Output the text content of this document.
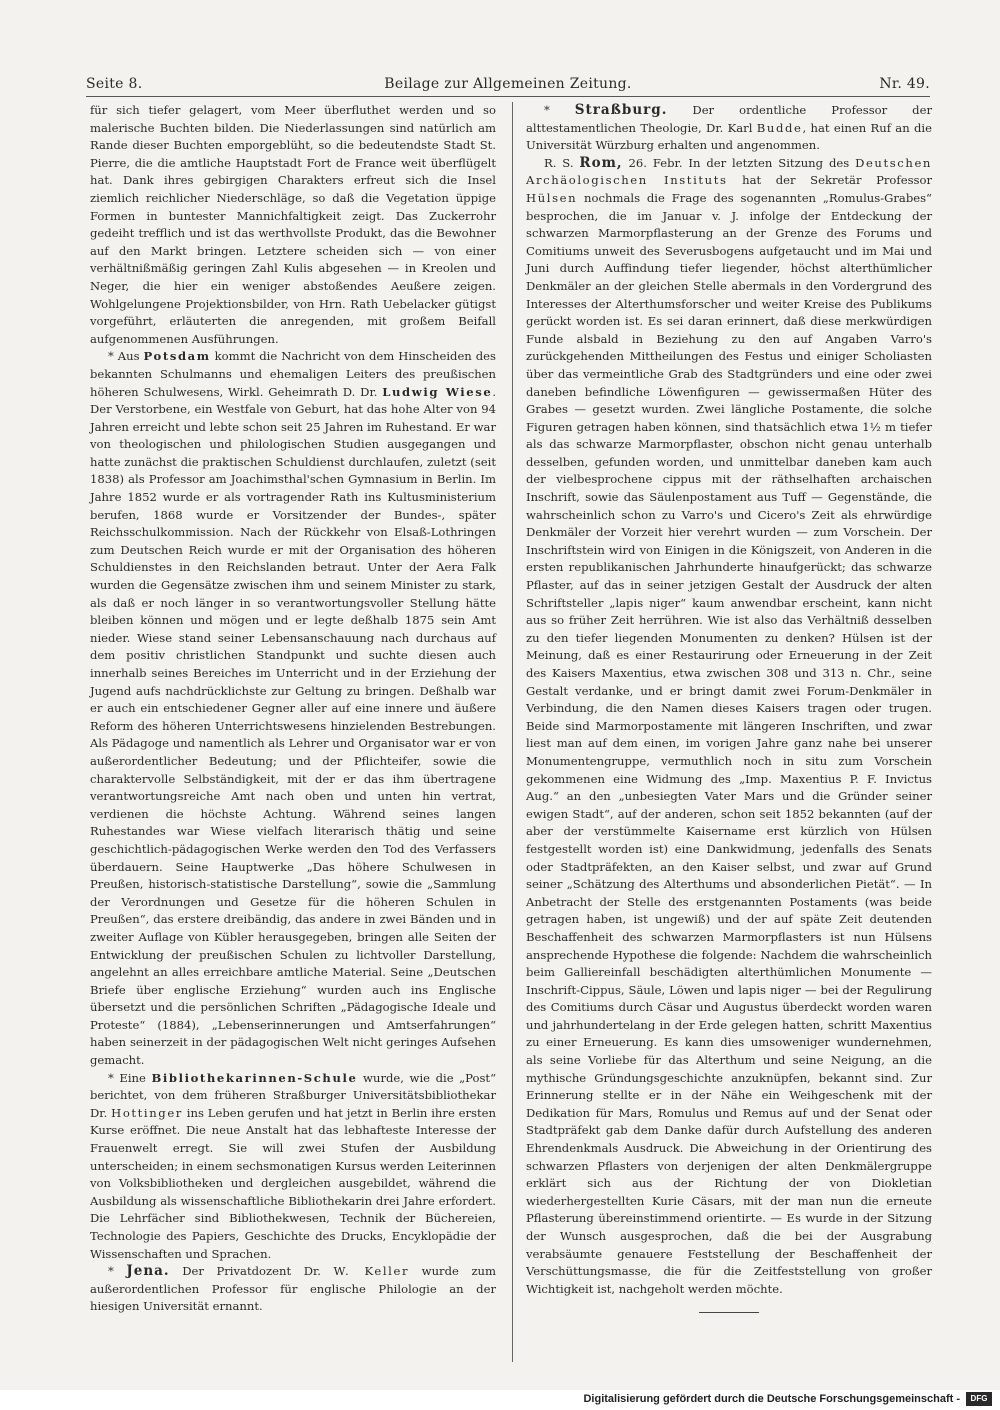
Seite 8.	Beilage zur Allgemeinen Zeitung.	Nr. 49.

für sich tiefer gelagert, vom Meer überfluthet werden und so malerische Buchten bilden. Die Niederlassungen sind natürlich am Rande dieser Buchten emporgeblüht, so die bedeutendste Stadt St. Pierre, die die amtliche Hauptstadt Fort de France weit überflügelt hat. Dank ihres gebirgigen Charakters erfreut sich die Insel ziemlich reichlicher Niederschläge, so daß die Vegetation üppige Formen in buntester Mannichfaltigkeit zeigt. Das Zuckerrohr gedeiht trefflich und ist das werthvollste Produkt, das die Bewohner auf den Markt bringen. Letztere scheiden sich — von einer verhältnißmäßig geringen Zahl Kulis abgesehen — in Kreolen und Neger, die hier ein weniger abstoßendes Aeußere zeigen. Wohlgelungene Projektionsbilder, von Hrn. Rath Uebelacker gütigst vorgeführt, erläuterten die anregenden, mit großem Beifall aufgenommenen Ausführungen.

* Aus Potsdam kommt die Nachricht von dem Hinscheiden des bekannten Schulmanns und ehemaligen Leiters des preußischen höheren Schulwesens, Wirkl. Geheimrath D. Dr. Ludwig Wiese. Der Verstorbene, ein Westfale von Geburt, hat das hohe Alter von 94 Jahren erreicht und lebte schon seit 25 Jahren im Ruhestand. Er war von theologischen und philologischen Studien ausgegangen und hatte zunächst die praktischen Schuldienst durchlaufen, zuletzt (seit 1838) als Professor am Joachimsthal'schen Gymnasium in Berlin. Im Jahre 1852 wurde er als vortragender Rath ins Kultusministerium berufen, 1868 wurde er Vorsitzender der Bundes-, später Reichsschulkommission. Nach der Rückkehr von Elsaß-Lothringen zum Deutschen Reich wurde er mit der Organisation des höheren Schuldienstes in den Reichslanden betraut. Unter der Aera Falk wurden die Gegensätze zwischen ihm und seinem Minister zu stark, als daß er noch länger in so verantwortungsvoller Stellung hätte bleiben können und mögen und er legte deßhalb 1875 sein Amt nieder. Wiese stand seiner Lebensanschauung nach durchaus auf dem positiv christlichen Standpunkt und suchte diesen auch innerhalb seines Bereiches im Unterricht und in der Erziehung der Jugend aufs nachdrücklichste zur Geltung zu bringen. Deßhalb war er auch ein entschiedener Gegner aller auf eine innere und äußere Reform des höheren Unterrichtswesens hinzielenden Bestrebungen. Als Pädagoge und namentlich als Lehrer und Organisator war er von außerordentlicher Bedeutung; und der Pflichteifer, sowie die charaktervolle Selbständigkeit, mit der er das ihm übertragene verantwortungsreiche Amt nach oben und unten hin vertrat, verdienen die höchste Achtung. Während seines langen Ruhestandes war Wiese vielfach literarisch thätig und seine geschichtlich-pädagogischen Werke werden den Tod des Verfassers überdauern. Seine Hauptwerke „Das höhere Schulwesen in Preußen, historisch-statistische Darstellung“, sowie die „Sammlung der Verordnungen und Gesetze für die höheren Schulen in Preußen“, das erstere dreibändig, das andere in zwei Bänden und in zweiter Auflage von Kübler herausgegeben, bringen alle Seiten der Entwicklung der preußischen Schulen zu lichtvoller Darstellung, angelehnt an alles erreichbare amtliche Material. Seine „Deutschen Briefe über englische Erziehung“ wurden auch ins Englische übersetzt und die persönlichen Schriften „Pädagogische Ideale und Proteste“ (1884), „Lebenserinnerungen und Amtserfahrungen“ haben seinerzeit in der pädagogischen Welt nicht geringes Aufsehen gemacht.

* Eine Bibliothekarinnen-Schule wurde, wie die „Post“ berichtet, von dem früheren Straßburger Universitätsbibliothekar Dr. Hottinger ins Leben gerufen und hat jetzt in Berlin ihre ersten Kurse eröffnet. Die neue Anstalt hat das lebhafteste Interesse der Frauenwelt erregt. Sie will zwei Stufen der Ausbildung unterscheiden; in einem sechsmonatigen Kursus werden Leiterinnen von Volksbibliotheken und dergleichen ausgebildet, während die Ausbildung als wissenschaftliche Bibliothekarin drei Jahre erfordert. Die Lehrfächer sind Bibliothekwesen, Technik der Büchereien, Technologie des Papiers, Geschichte des Drucks, Encyklopädie der Wissenschaften und Sprachen.

* Jena. Der Privatdozent Dr. W. Keller wurde zum außerordentlichen Professor für englische Philologie an der hiesigen Universität ernannt.

* Straßburg. Der ordentliche Professor der alttestamentlichen Theologie, Dr. Karl Budde, hat einen Ruf an die Universität Würzburg erhalten und angenommen.

R. S. Rom, 26. Febr. In der letzten Sitzung des Deutschen Archäologischen Instituts hat der Sekretär Professor Hülsen nochmals die Frage des sogenannten „Romulus-Grabes“ besprochen, die im Januar v. J. infolge der Entdeckung der schwarzen Marmorpflasterung an der Grenze des Forums und Comitiums unweit des Severusbogens aufgetaucht und im Mai und Juni durch Auffindung tiefer liegender, höchst alterthümlicher Denkmäler an der gleichen Stelle abermals in den Vordergrund des Interesses der Alterthumsforscher und weiter Kreise des Publikums gerückt worden ist. Es sei daran erinnert, daß diese merkwürdigen Funde alsbald in Beziehung zu den auf Angaben Varro's zurückgehenden Mittheilungen des Festus und einiger Scholiasten über das vermeintliche Grab des Stadtgründers und eine oder zwei daneben befindliche Löwenfiguren — gewissermaßen Hüter des Grabes — gesetzt wurden. Zwei längliche Postamente, die solche Figuren getragen haben können, sind thatsächlich etwa 1½ m tiefer als das schwarze Marmorpflaster, obschon nicht genau unterhalb desselben, gefunden worden, und unmittelbar daneben kam auch der vielbesprochene cippus mit der räthselhaften archaischen Inschrift, sowie das Säulenpostament aus Tuff — Gegenstände, die wahrscheinlich schon zu Varro's und Cicero's Zeit als ehrwürdige Denkmäler der Vorzeit hier verehrt wurden — zum Vorschein. Der Inschriftstein wird von Einigen in die Königszeit, von Anderen in die ersten republikanischen Jahrhunderte hinaufgerückt; das schwarze Pflaster, auf das in seiner jetzigen Gestalt der Ausdruck der alten Schriftsteller „lapis niger“ kaum anwendbar erscheint, kann nicht aus so früher Zeit herrühren. Wie ist also das Verhältniß desselben zu den tiefer liegenden Monumenten zu denken? Hülsen ist der Meinung, daß es einer Restaurirung oder Erneuerung in der Zeit des Kaisers Maxentius, etwa zwischen 308 und 313 n. Chr., seine Gestalt verdanke, und er bringt damit zwei Forum-Denkmäler in Verbindung, die den Namen dieses Kaisers tragen oder trugen. Beide sind Marmorpostamente mit längeren Inschriften, und zwar liest man auf dem einen, im vorigen Jahre ganz nahe bei unserer Monumentengruppe, vermuthlich noch in situ zum Vorschein gekommenen eine Widmung des „Imp. Maxentius P. F. Invictus Aug.“ an den „unbesiegten Vater Mars und die Gründer seiner ewigen Stadt“, auf der anderen, schon seit 1852 bekannten (auf der aber der verstümmelte Kaisername erst kürzlich von Hülsen festgestellt worden ist) eine Dankwidmung, jedenfalls des Senats oder Stadtpräfekten, an den Kaiser selbst, und zwar auf Grund seiner „Schätzung des Alterthums und absonderlichen Pietät“. — In Anbetracht der Stelle des erstgenannten Postaments (was beide getragen haben, ist ungewiß) und der auf späte Zeit deutenden Beschaffenheit des schwarzen Marmorpflasters ist nun Hülsens ansprechende Hypothese die folgende: Nachdem die wahrscheinlich beim Galliereinfall beschädigten alterthümlichen Monumente — Inschrift-Cippus, Säule, Löwen und lapis niger — bei der Regulirung des Comitiums durch Cäsar und Augustus überdeckt worden waren und jahrhundertelang in der Erde gelegen hatten, schritt Maxentius zu einer Erneuerung. Es kann dies umsoweniger wundernehmen, als seine Vorliebe für das Alterthum und seine Neigung, an die mythische Gründungsgeschichte anzuknüpfen, bekannt sind. Zur Erinnerung stellte er in der Nähe ein Weihgeschenk mit der Dedikation für Mars, Romulus und Remus auf und der Senat oder Stadtpräfekt gab dem Danke dafür durch Aufstellung des anderen Ehrendenkmals Ausdruck. Die Abweichung in der Orientirung des schwarzen Pflasters von derjenigen der alten Denkmälergruppe erklärt sich aus der Richtung der von Diokletian wiederhergestellten Kurie Cäsars, mit der man nun die erneute Pflasterung übereinstimmend orientirte. — Es wurde in der Sitzung der Wunsch ausgesprochen, daß die bei der Ausgrabung verabsäumte genauere Feststellung der Beschaffenheit der Verschüttungsmasse, die für die Zeitfeststellung von großer Wichtigkeit ist, nachgeholt werden möchte.

Digitalisierung gefördert durch die Deutsche Forschungsgemeinschaft -	DFG
